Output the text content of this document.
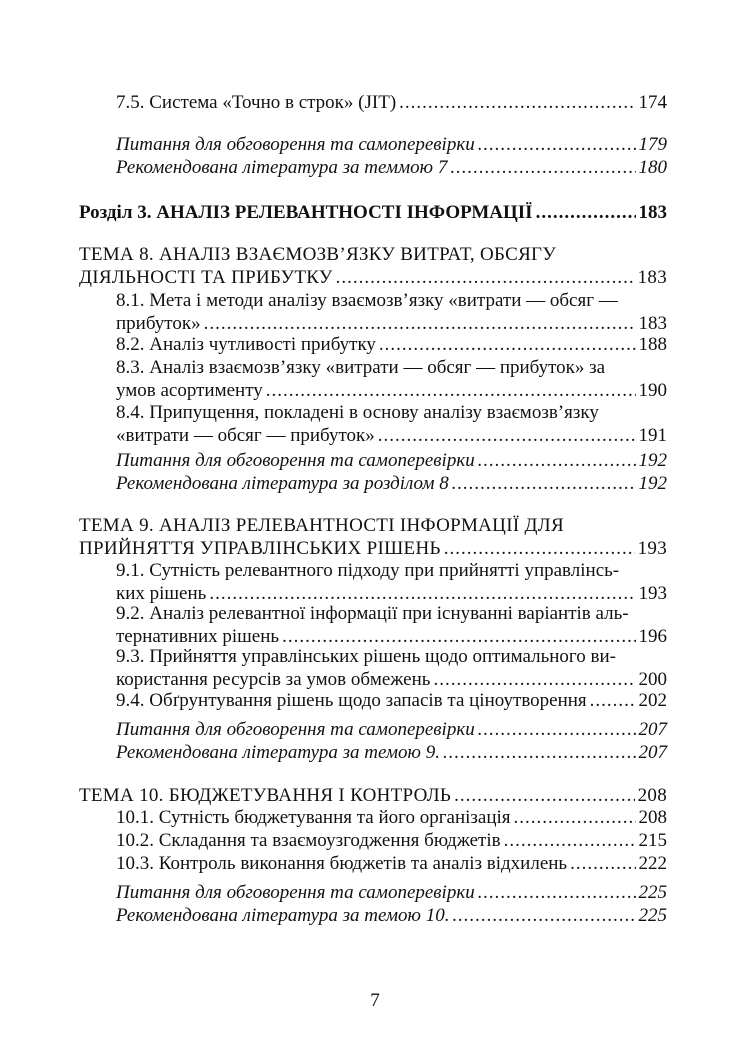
7.5. Система «Точно в строк» (JIT) .....	174
Питання для обговорення та самоперевірки .....	179
Рекомендована література за теммою 7 .....	180
Розділ 3. АНАЛІЗ РЕЛЕВАНТНОСТІ ІНФОРМАЦІЇ .....	183
ТЕМА 8. АНАЛІЗ ВЗАЄМОЗВ’ЯЗКУ ВИТРАТ, ОБСЯГУ
ДІЯЛЬНОСТІ ТА ПРИБУТКУ .....	183
8.1. Мета і методи аналізу взаємозв’язку «витрати — обсяг —
прибуток» .....	183
8.2. Аналіз чутливості прибутку .....	188
8.3. Аналіз взаємозв’язку «витрати — обсяг — прибуток» за
умов асортименту .....	190
8.4. Припущення, покладені в основу аналізу взаємозв’язку
«витрати — обсяг — прибуток» .....	191
Питання для обговорення та самоперевірки .....	192
Рекомендована література за розділом 8 .....	192
ТЕМА 9. АНАЛІЗ РЕЛЕВАНТНОСТІ ІНФОРМАЦІЇ ДЛЯ
ПРИЙНЯТТЯ УПРАВЛІНСЬКИХ РІШЕНЬ .....	193
9.1. Сутність релевантного підходу при прийнятті управлінсь-
ких рішень .....	193
9.2. Аналіз релевантної інформації при існуванні варіантів аль-
тернативних рішень .....	196
9.3. Прийняття управлінських рішень щодо оптимального ви-
користання ресурсів за умов обмежень .....	200
9.4. Обґрунтування рішень щодо запасів та ціноутворення .....	202
Питання для обговорення та самоперевірки .....	207
Рекомендована література за темою 9. .....	207
ТЕМА 10. БЮДЖЕТУВАННЯ І КОНТРОЛЬ .....	208
10.1. Сутність бюджетування та його організація .....	208
10.2. Складання та взаємоузгодження бюджетів .....	215
10.3. Контроль виконання бюджетів та аналіз відхилень .....	222
Питання для обговорення та самоперевірки .....	225
Рекомендована література за темою 10. .....	225
7
